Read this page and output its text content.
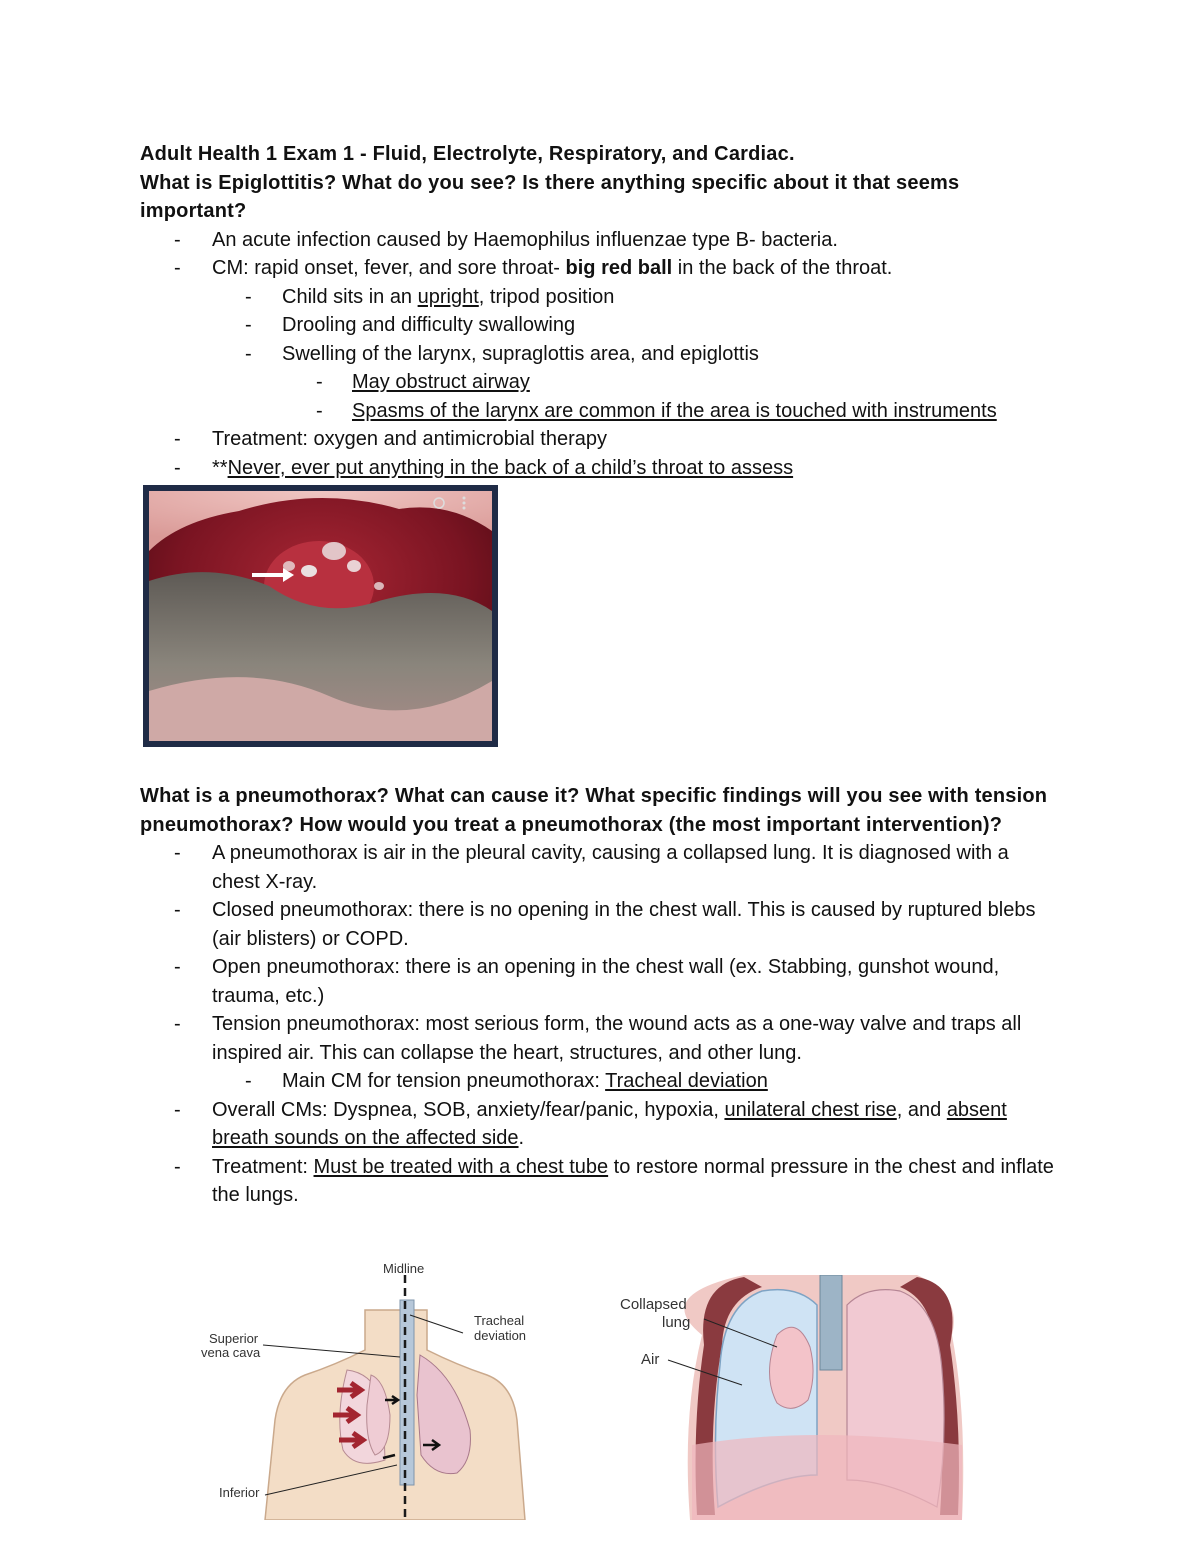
Adult Health 1 Exam 1 - Fluid, Electrolyte, Respiratory, and Cardiac.
What is Epiglottitis? What do you see? Is there anything specific about it that seems important?
- An acute infection caused by Haemophilus influenzae type B- bacteria.
- CM: rapid onset, fever, and sore throat- big red ball in the back of the throat.
- Child sits in an upright, tripod position
- Drooling and difficulty swallowing
- Swelling of the larynx, supraglottis area, and epiglottis
- May obstruct airway
- Spasms of the larynx are common if the area is touched with instruments
- Treatment: oxygen and antimicrobial therapy
- **Never, ever put anything in the back of a child’s throat to assess
What is a pneumothorax? What can cause it? What specific findings will you see with tension pneumothorax? How would you treat a pneumothorax (the most important intervention)?
- A pneumothorax is air in the pleural cavity, causing a collapsed lung. It is diagnosed with a chest X-ray.
- Closed pneumothorax: there is no opening in the chest wall. This is caused by ruptured blebs (air blisters) or COPD.
- Open pneumothorax: there is an opening in the chest wall (ex. Stabbing, gunshot wound, trauma, etc.)
- Tension pneumothorax: most serious form, the wound acts as a one-way valve and traps all inspired air. This can collapse the heart, structures, and other lung.
- Main CM for tension pneumothorax: Tracheal deviation
- Overall CMs: Dyspnea, SOB, anxiety/fear/panic, hypoxia, unilateral chest rise, and absent breath sounds on the affected side.
- Treatment: Must be treated with a chest tube to restore normal pressure in the chest and inflate the lungs.
Midline
Tracheal
deviation
Superior
vena cava
Inferior
Collapsed
lung
Air
